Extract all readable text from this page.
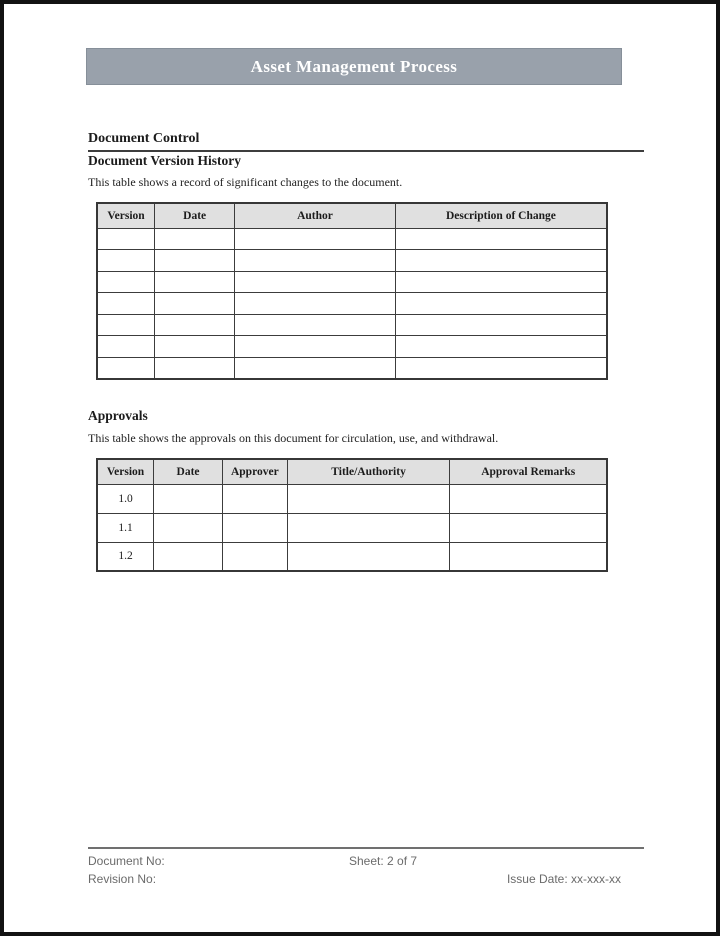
Asset Management Process
Document Control
Document Version History
This table shows a record of significant changes to the document.
Version	Date	Author	Description of Change

Approvals
This table shows the approvals on this document for circulation, use, and withdrawal.
Version	Date	Approver	Title/Authority	Approval Remarks
1.0				
1.1				
1.2				
Document No:	Sheet: 2 of 7
Revision No:	Issue Date: xx-xxx-xx
